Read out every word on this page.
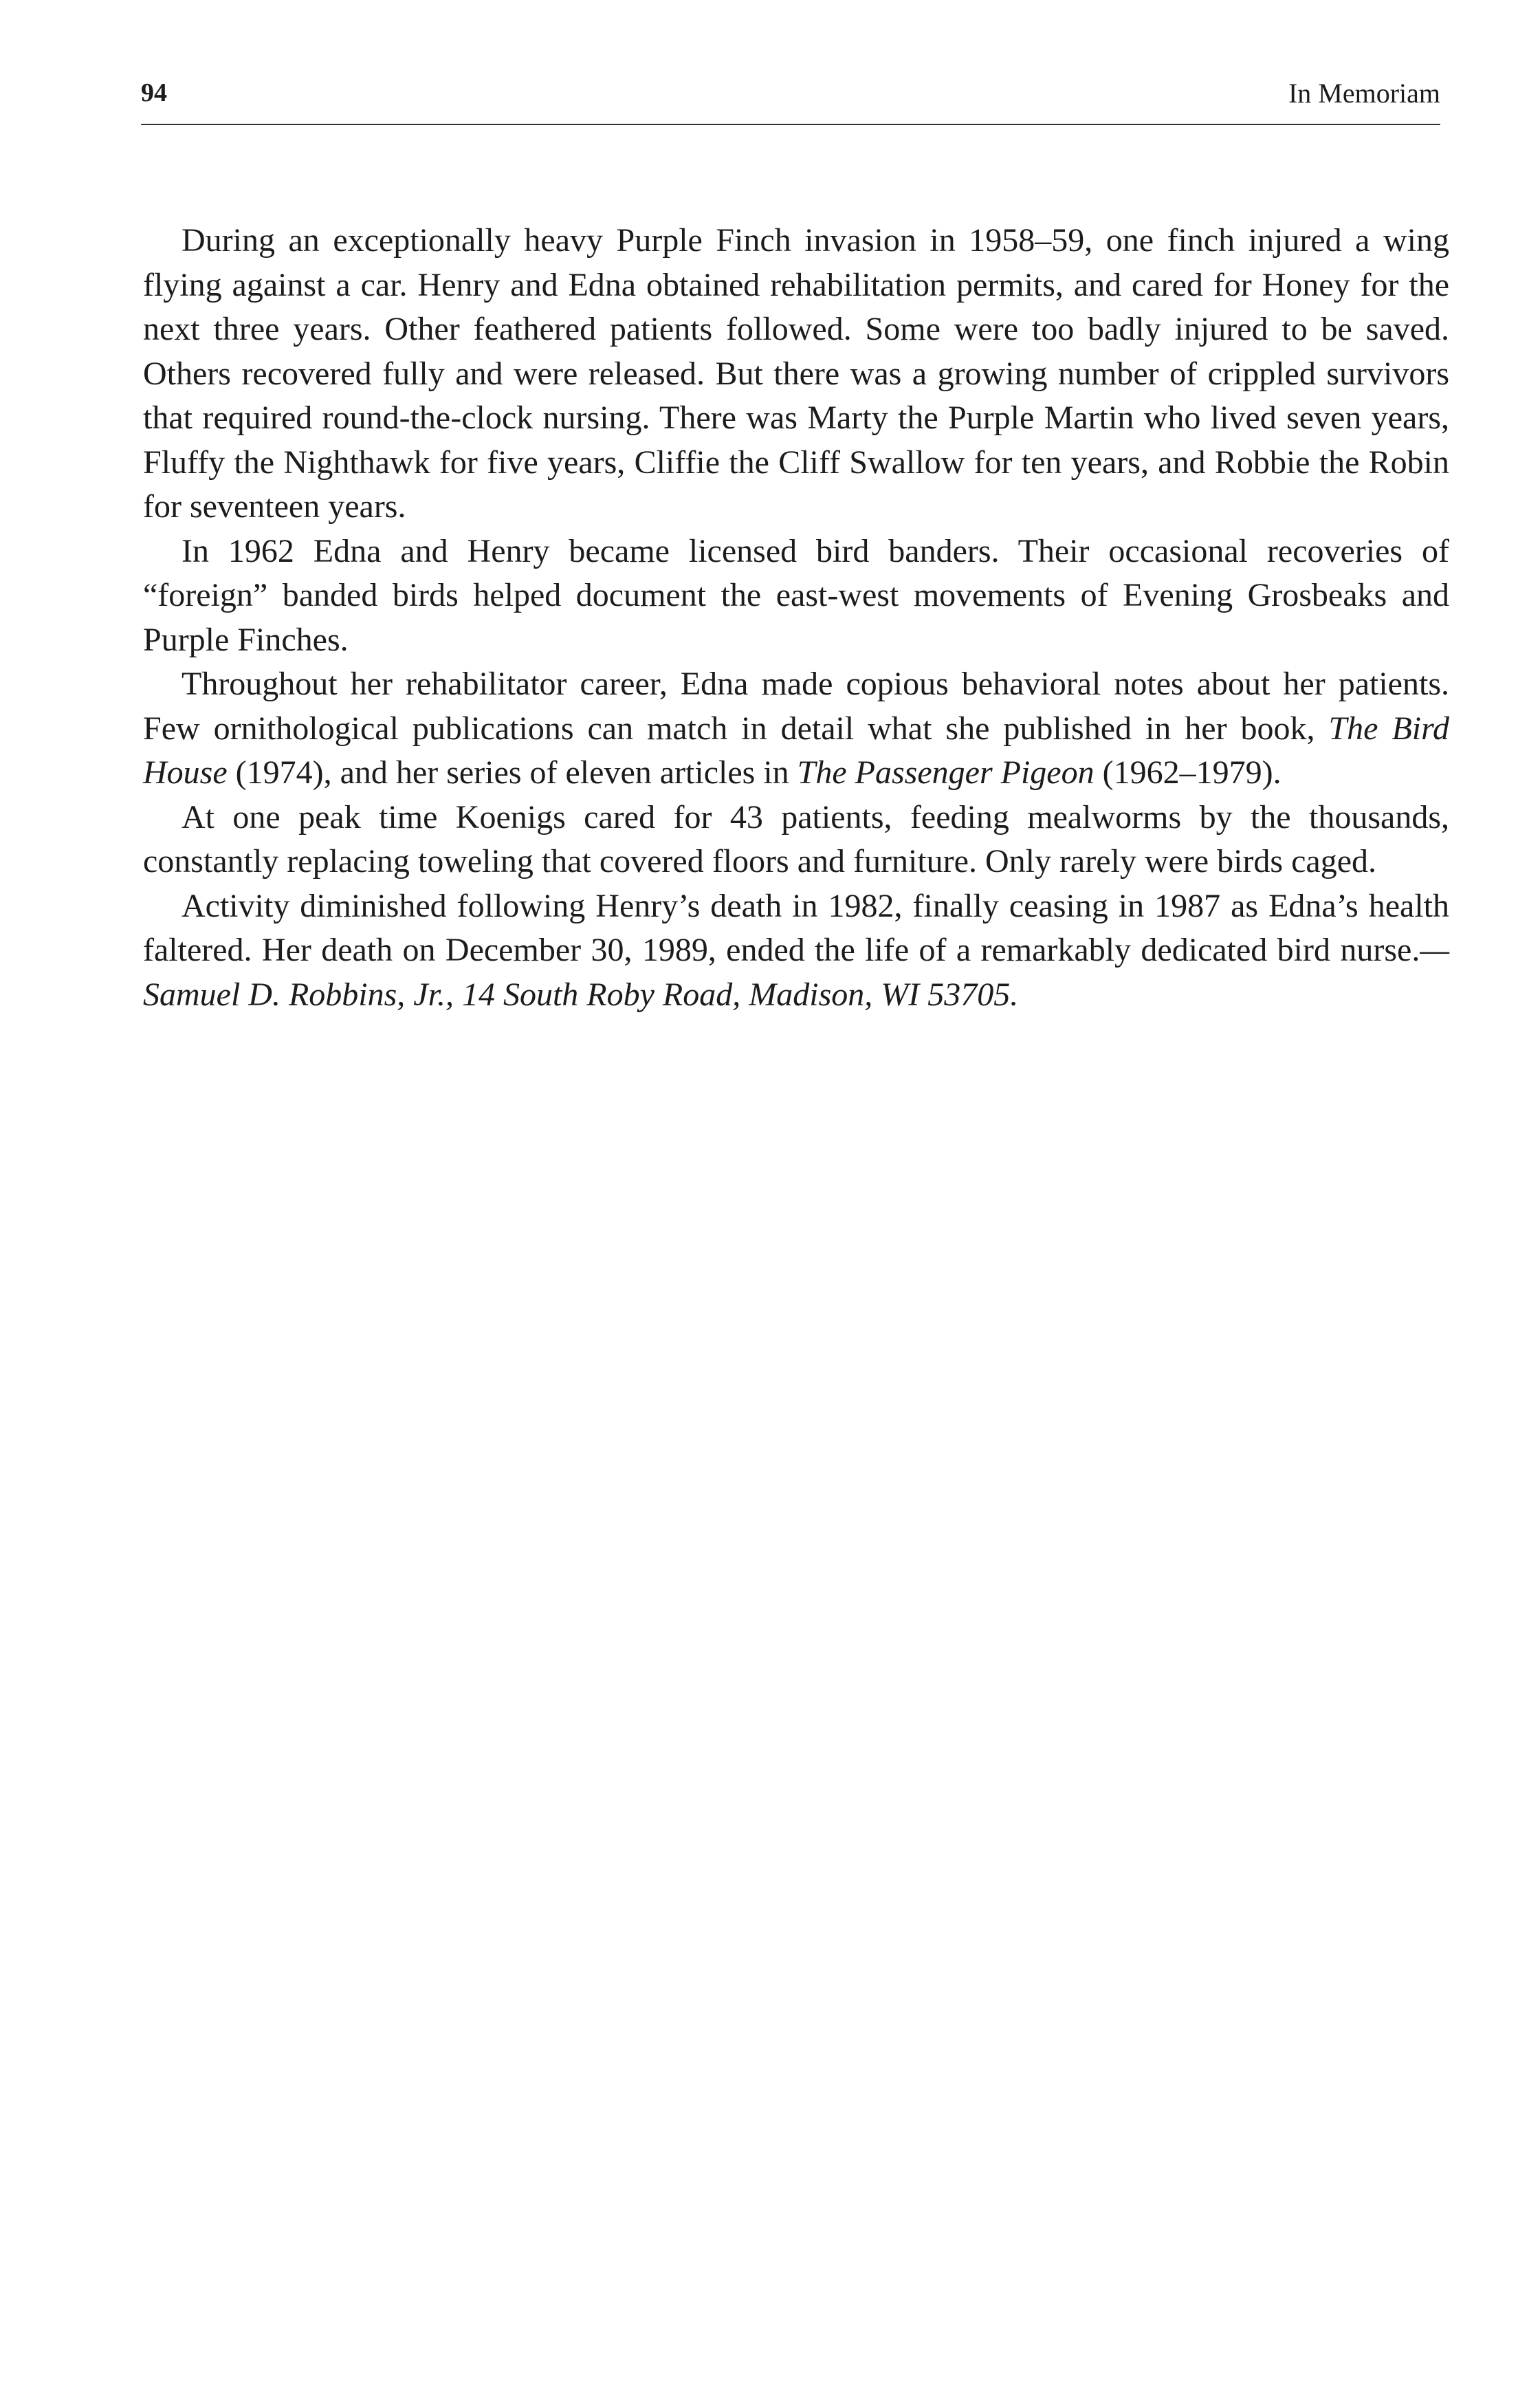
94	In Memoriam

During an exceptionally heavy Purple Finch invasion in 1958–59, one finch injured a wing flying against a car. Henry and Edna obtained rehabilitation permits, and cared for Honey for the next three years. Other feathered patients followed. Some were too badly injured to be saved. Others recovered fully and were released. But there was a growing number of crippled survivors that required round-the-clock nursing. There was Marty the Purple Martin who lived seven years, Fluffy the Nighthawk for five years, Cliffie the Cliff Swallow for ten years, and Robbie the Robin for seventeen years.

In 1962 Edna and Henry became licensed bird banders. Their occasional recoveries of “foreign” banded birds helped document the east-west movements of Evening Grosbeaks and Purple Finches.

Throughout her rehabilitator career, Edna made copious behavioral notes about her patients. Few ornithological publications can match in detail what she published in her book, The Bird House (1974), and her series of eleven articles in The Passenger Pigeon (1962–1979).

At one peak time Koenigs cared for 43 patients, feeding mealworms by the thousands, constantly replacing toweling that covered floors and furniture. Only rarely were birds caged.

Activity diminished following Henry’s death in 1982, finally ceasing in 1987 as Edna’s health faltered. Her death on December 30, 1989, ended the life of a remarkably dedicated bird nurse.—Samuel D. Robbins, Jr., 14 South Roby Road, Madison, WI 53705.
